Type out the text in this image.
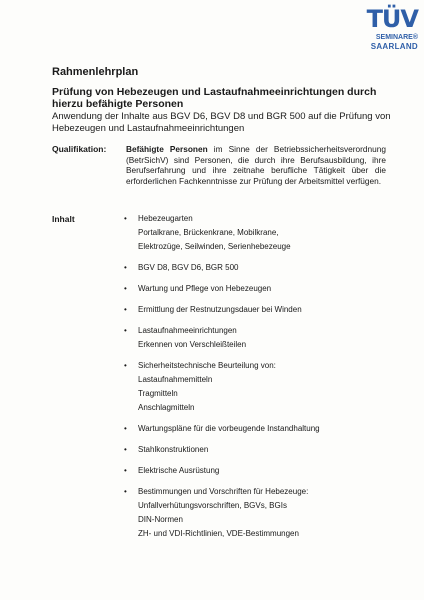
TÜV
SEMINARE®
SAARLAND
Rahmenlehrplan
Prüfung von Hebezeugen und Lastaufnahmeeinrichtungen durch hierzu befähigte Personen
Anwendung der Inhalte aus BGV D6, BGV D8 und BGR 500 auf die Prüfung von Hebezeugen und Lastaufnahmeeinrichtungen
Qualifikation: Befähigte Personen im Sinne der Betriebssicherheitsverordnung (BetrSichV) sind Personen, die durch ihre Berufsausbildung, ihre Berufserfahrung und ihre zeitnahe berufliche Tätigkeit über die erforderlichen Fachkenntnisse zur Prüfung der Arbeitsmittel verfügen.
Inhalt	• Hebezeugarten
Portalkrane, Brückenkrane, Mobilkrane,
Elektrozüge, Seilwinden, Serienhebezeuge
• BGV D8, BGV D6, BGR 500
• Wartung und Pflege von Hebezeugen
• Ermittlung der Restnutzungsdauer bei Winden
• Lastaufnahmeeinrichtungen
Erkennen von Verschleißteilen
• Sicherheitstechnische Beurteilung von:
Lastaufnahmemitteln
Tragmitteln
Anschlagmitteln
• Wartungspläne für die vorbeugende Instandhaltung
• Stahlkonstruktionen
• Elektrische Ausrüstung
• Bestimmungen und Vorschriften für Hebezeuge:
Unfallverhütungsvorschriften, BGVs, BGIs
DIN-Normen
ZH- und VDI-Richtlinien, VDE-Bestimmungen
